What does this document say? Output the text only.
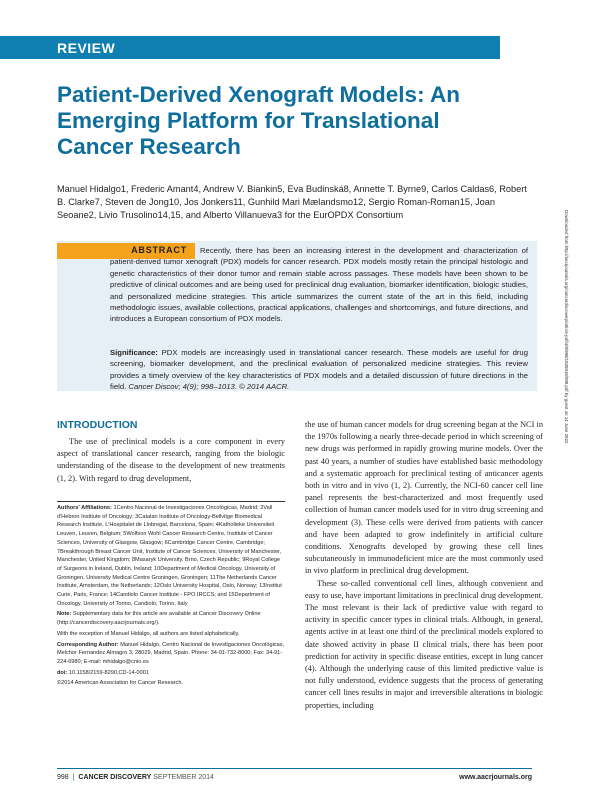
REVIEW
Patient-Derived Xenograft Models: An Emerging Platform for Translational Cancer Research
Manuel Hidalgo1, Frederic Amant4, Andrew V. Biankin5, Eva Budinská8, Annette T. Byrne9, Carlos Caldas6, Robert B. Clarke7, Steven de Jong10, Jos Jonkers11, Gunhild Mari Mælandsmo12, Sergio Roman-Roman15, Joan Seoane2, Livio Trusolino14,15, and Alberto Villanueva3 for the EurOPDX Consortium
ABSTRACT	Recently, there has been an increasing interest in the development and characterization of patient-derived tumor xenograft (PDX) models for cancer research. PDX models mostly retain the principal histologic and genetic characteristics of their donor tumor and remain stable across passages. These models have been shown to be predictive of clinical outcomes and are being used for preclinical drug evaluation, biomarker identification, biologic studies, and personalized medicine strategies. This article summarizes the current state of the art in this field, including methodologic issues, available collections, practical applications, challenges and shortcomings, and future directions, and introduces a European consortium of PDX models.
Significance: PDX models are increasingly used in translational cancer research. These models are useful for drug screening, biomarker development, and the preclinical evaluation of personalized medicine strategies. This review provides a timely overview of the key characteristics of PDX models and a detailed discussion of future directions in the field. Cancer Discov; 4(9); 998–1013. © 2014 AACR.	Downloaded from http://aacrjournals.org/cancerdiscovery/article-pdf/4/9/998/1835918/998.pdf by guest on 14 June 2022
INTRODUCTION

The use of preclinical models is a core component in every aspect of translational cancer research, ranging from the biologic understanding of the disease to the development of new treatments (1, 2). With regard to drug development,

Authors' Affiliations: 1Centro Nacional de Investigaciones Oncológicas, Madrid; 2Vall d'Hebron Institute of Oncology; 3Catalan Institute of Oncology-Bellvitge Biomedical Research Institute, L'Hospitalet de Llobregat, Barcelona, Spain; 4Katholieke Universiteit Leuven, Leuven, Belgium; 5Wolfson Wohl Cancer Research Centre, Institute of Cancer Sciences, University of Glasgow, Glasgow; 6Cambridge Cancer Centre, Cambridge; 7Breakthrough Breast Cancer Unit, Institute of Cancer Sciences, University of Manchester, Manchester, United Kingdom; 8Masaryk University, Brno, Czech Republic; 9Royal College of Surgeons in Ireland, Dublin, Ireland; 10Department of Medical Oncology, University of Groningen, University Medical Centre Groningen, Groningen; 11The Netherlands Cancer Institute, Amsterdam, the Netherlands; 12Oslo University Hospital, Oslo, Norway; 13Institut Curie, Paris, France; 14Candiolo Cancer Institute - FPO IRCCS; and 15Department of Oncology, University of Torino, Candiolo, Torino, Italy

Note: Supplementary data for this article are available at Cancer Discovery Online (http://cancerdiscovery.aacrjournals.org/).

With the exception of Manuel Hidalgo, all authors are listed alphabetically.

Corresponding Author: Manuel Hidalgo, Centro Nacional de Investigaciones Oncológicas, Melchor Fernandez Almagro 3, 28029, Madrid, Spain. Phone: 34-91-732-8000; Fax: 34-91-224-6980; E-mail: mhidalgo@cnio.es

doi: 10.1158/2159-8290.CD-14-0001

©2014 American Association for Cancer Research.

the use of human cancer models for drug screening began at the NCI in the 1970s following a nearly three-decade period in which screening of new drugs was performed in rapidly growing murine models. Over the past 40 years, a number of studies have established basic methodology and a systematic approach for preclinical testing of anticancer agents both in vitro and in vivo (1, 2). Currently, the NCI-60 cancer cell line panel represents the best-characterized and most frequently used collection of human cancer models used for in vitro drug screening and development (3). These cells were derived from patients with cancer and have been adapted to grow indefinitely in artificial culture conditions. Xenografts developed by growing these cell lines subcutaneously in immunodeficient mice are the most commonly used in vivo platform in preclinical drug development.

These so-called conventional cell lines, although convenient and easy to use, have important limitations in preclinical drug development. The most relevant is their lack of predictive value with regard to activity in specific cancer types in clinical trials. Although, in general, agents active in at least one third of the preclinical models explored to date showed activity in phase II clinical trials, there has been poor prediction for activity in specific disease entities, except in lung cancer (4). Although the underlying cause of this limited predictive value is not fully understood, evidence suggests that the process of generating cancer cell lines results in major and irreversible alterations in biologic properties, including

998 | CANCER DISCOVERY SEPTEMBER 2014	www.aacrjournals.org
